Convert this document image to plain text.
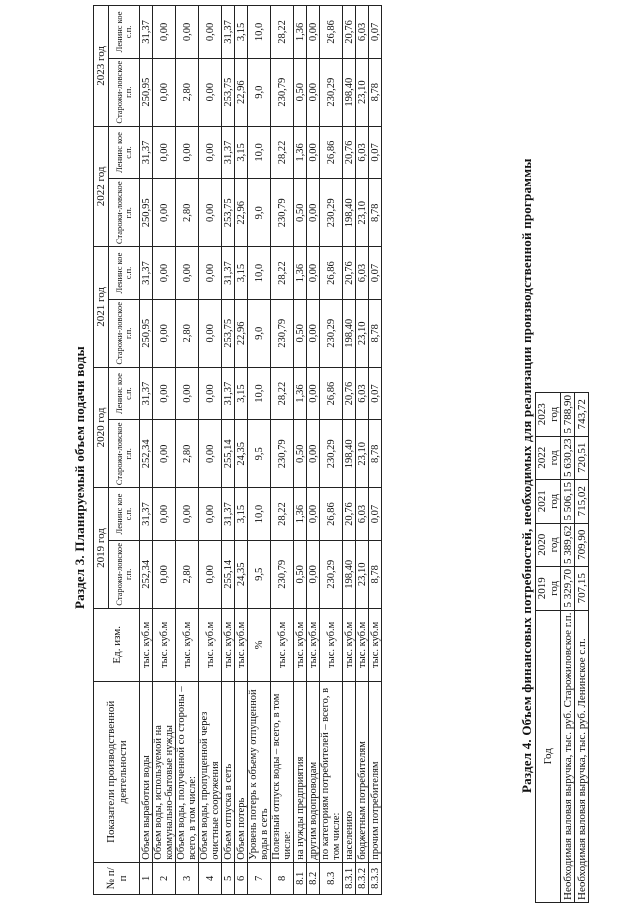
Раздел 3. Планируемый объем подачи воды
№ п/п	Показатели производственной деятельности	Ед. изм.	2019 год		2020 год		2021 год		2022 год		2023 год	
			Старожи-ловское г.п.	Ленинс кое с.п.	Старожи-ловское г.п.	Ленинс кое с.п.	Старожи-ловское г.п.	Ленинс кое с.п.	Старожи-ловское г.п.	Ленинс кое с.п.	Старожи-ловское г.п.	Ленинс кое с.п.
1	Объем выработки воды	тыс. куб.м	252,34	31,37	252,34	31,37	250,95	31,37	250,95	31,37	250,95	31,37
2	Объем воды, используемой на коммунально-бытовые нужды	тыс. куб.м	0,00	0,00	0,00	0,00	0,00	0,00	0,00	0,00	0,00	0,00
3	Объем воды, полученной со стороны – всего, в том числе:	тыс. куб.м	2,80	0,00	2,80	0,00	2,80	0,00	2,80	0,00	2,80	0,00
4	Объем воды, пропущенной через очистные сооружения	тыс. куб.м	0,00	0,00	0,00	0,00	0,00	0,00	0,00	0,00	0,00	0,00
5	Объем отпуска в сеть	тыс. куб.м	255,14	31,37	255,14	31,37	253,75	31,37	253,75	31,37	253,75	31,37
6	Объем потерь	тыс. куб.м	24,35	3,15	24,35	3,15	22,96	3,15	22,96	3,15	22,96	3,15
7	Уровень потерь к объему отпущенной воды в сеть	%	9,5	10,0	9,5	10,0	9,0	10,0	9,0	10,0	9,0	10,0
8	Полезный отпуск воды – всего, в том числе:	тыс. куб.м	230,79	28,22	230,79	28,22	230,79	28,22	230,79	28,22	230,79	28,22
8.1	на нужды предприятия	тыс. куб.м	0,50	1,36	0,50	1,36	0,50	1,36	0,50	1,36	0,50	1,36
8.2	другим водопроводам	тыс. куб.м	0,00	0,00	0,00	0,00	0,00	0,00	0,00	0,00	0,00	0,00
8.3	по категориям потребителей – всего, в том числе:	тыс. куб.м	230,29	26,86	230,29	26,86	230,29	26,86	230,29	26,86	230,29	26,86
8.3.1	населению	тыс. куб.м	198,40	20,76	198,40	20,76	198,40	20,76	198,40	20,76	198,40	20,76
8.3.2	бюджетным потребителям	тыс. куб.м	23,10	6,03	23,10	6,03	23,10	6,03	23,10	6,03	23,10	6,03
8.3.3	прочим потребителям	тыс. куб.м	8,78	0,07	8,78	0,07	8,78	0,07	8,78	0,07	8,78	0,07
Раздел 4. Объем финансовых потребностей, необходимых для реализации производственной программы Год	2019 год	2020 год	2021 год	2022 год	2023 год
Необходимая валовая выручка, тыс. руб. Старожиловское г.п.	5 329,70	5 389,62	5 506,15	5 630,23	5 788,90
Необходимая валовая выручка, тыс. руб. Ленинское с.п.	707,15	709,90	715,02	720,51	743,72
